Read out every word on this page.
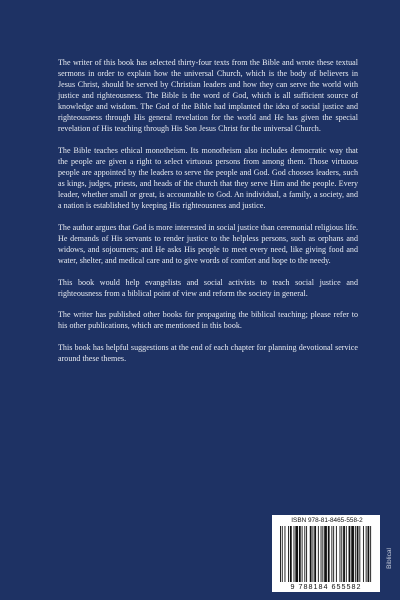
The writer of this book has selected thirty-four texts from the Bible and wrote these textual sermons in order to explain how the universal Church, which is the body of believers in Jesus Christ, should be served by Christian leaders and how they can serve the world with justice and righteousness. The Bible is the word of God, which is all sufficient source of knowledge and wisdom. The God of the Bible had implanted the idea of social justice and righteousness through His general revelation for the world and He has given the special revelation of His teaching through His Son Jesus Christ for the universal Church.

The Bible teaches ethical monotheism. Its monotheism also includes democratic way that the people are given a right to select virtuous persons from among them. Those virtuous people are appointed by the leaders to serve the people and God. God chooses leaders, such as kings, judges, priests, and heads of the church that they serve Him and the people. Every leader, whether small or great, is accountable to God. An individual, a family, a society, and a nation is established by keeping His righteousness and justice.

The author argues that God is more interested in social justice than ceremonial religious life. He demands of His servants to render justice to the helpless persons, such as orphans and widows, and sojourners; and He asks His people to meet every need, like giving food and water, shelter, and medical care and to give words of comfort and hope to the needy.

This book would help evangelists and social activists to teach social justice and righteousness from a biblical point of view and reform the society in general.

The writer has published other books for propagating the biblical teaching; please refer to his other publications, which are mentioned in this book.

This book has helpful suggestions at the end of each chapter for planning devotional service around these themes.

ISBN 978-81-8465-558-2
9 788184 655582
Biblical
